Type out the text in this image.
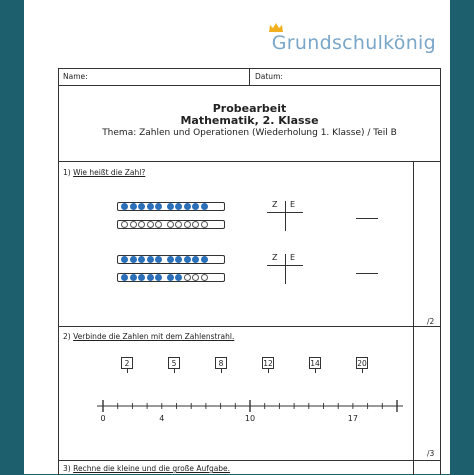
Grundschulkönig
Name:	Datum:
Probearbeit
Mathematik, 2. Klasse
Thema: Zahlen und Operationen (Wiederholung 1. Klasse) / Teil B
1) Wie heißt die Zahl?
Z E
Z E
/2
2) Verbinde die Zahlen mit dem Zahlenstrahl.
2	5	8	12	14	20
0	4	10	17
/3
3) Rechne die kleine und die große Aufgabe.
